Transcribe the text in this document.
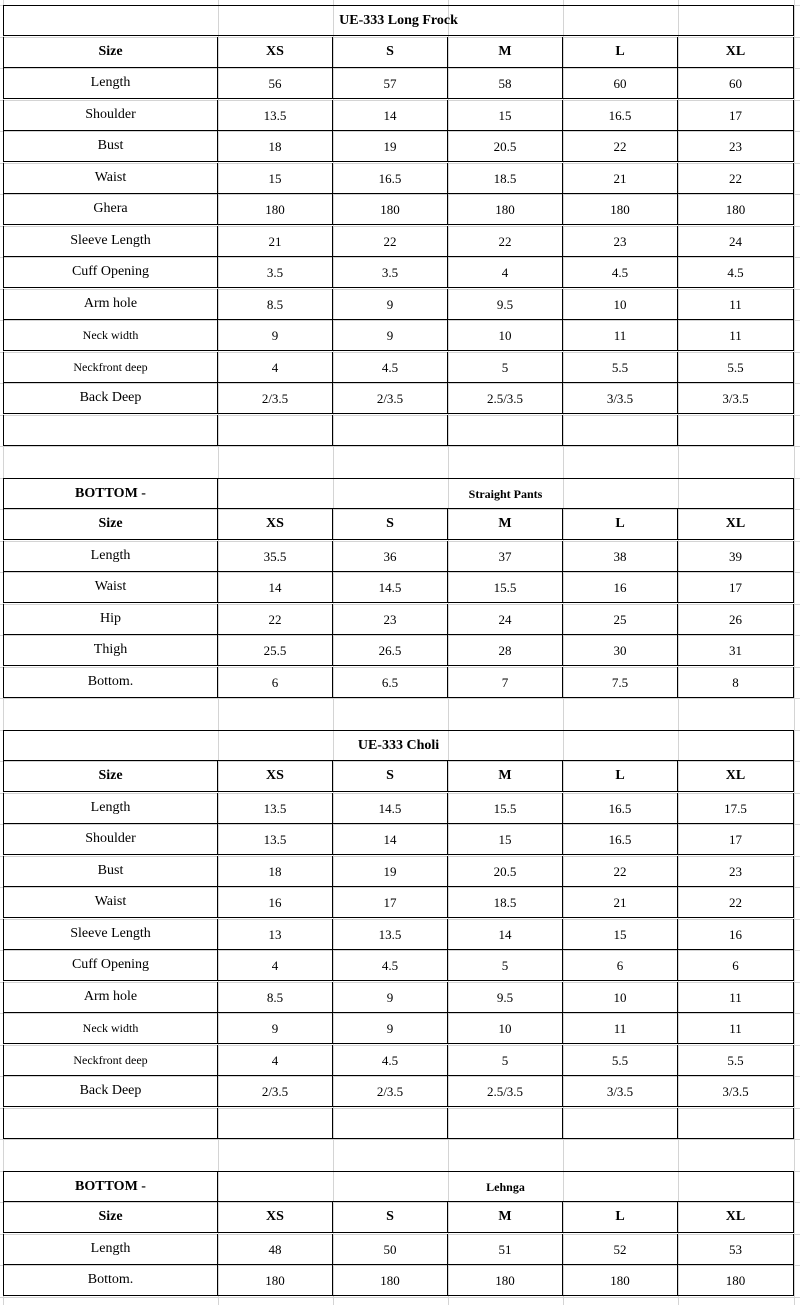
UE-333 Long Frock
Size	XS	S	M	L	XL
Length	56	57	58	60	60
Shoulder	13.5	14	15	16.5	17
Bust	18	19	20.5	22	23
Waist	15	16.5	18.5	21	22
Ghera	180	180	180	180	180
Sleeve Length	21	22	22	23	24
Cuff Opening	3.5	3.5	4	4.5	4.5
Arm hole	8.5	9	9.5	10	11
Neck width	9	9	10	11	11
Neckfront deep	4	4.5	5	5.5	5.5
Back Deep	2/3.5	2/3.5	2.5/3.5	3/3.5	3/3.5
BOTTOM -	Straight Pants
Size	XS	S	M	L	XL
Length	35.5	36	37	38	39
Waist	14	14.5	15.5	16	17
Hip	22	23	24	25	26
Thigh	25.5	26.5	28	30	31
Bottom.	6	6.5	7	7.5	8
UE-333 Choli
Size	XS	S	M	L	XL
Length	13.5	14.5	15.5	16.5	17.5
Shoulder	13.5	14	15	16.5	17
Bust	18	19	20.5	22	23
Waist	16	17	18.5	21	22
Sleeve Length	13	13.5	14	15	16
Cuff Opening	4	4.5	5	6	6
Arm hole	8.5	9	9.5	10	11
Neck width	9	9	10	11	11
Neckfront deep	4	4.5	5	5.5	5.5
Back Deep	2/3.5	2/3.5	2.5/3.5	3/3.5	3/3.5
BOTTOM -	Lehnga
Size	XS	S	M	L	XL
Length	48	50	51	52	53
Bottom.	180	180	180	180	180
